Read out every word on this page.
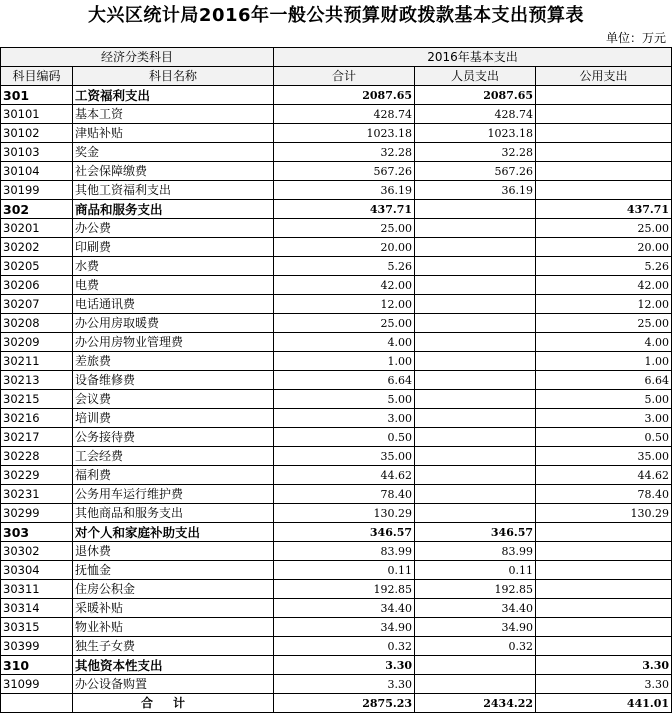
大兴区统计局2016年一般公共预算财政拨款基本支出预算表
单位：万元
经济分类科目		2016年基本支出		
科目编码	科目名称	合计	人员支出	公用支出
301	工资福利支出	2087.65	2087.65	
30101	基本工资	428.74	428.74	
30102	津贴补贴	1023.18	1023.18	
30103	奖金	32.28	32.28	
30104	社会保障缴费	567.26	567.26	
30199	其他工资福利支出	36.19	36.19	
302	商品和服务支出	437.71		437.71
30201	办公费	25.00		25.00
30202	印刷费	20.00		20.00
30205	水费	5.26		5.26
30206	电费	42.00		42.00
30207	电话通讯费	12.00		12.00
30208	办公用房取暖费	25.00		25.00
30209	办公用房物业管理费	4.00		4.00
30211	差旅费	1.00		1.00
30213	设备维修费	6.64		6.64
30215	会议费	5.00		5.00
30216	培训费	3.00		3.00
30217	公务接待费	0.50		0.50
30228	工会经费	35.00		35.00
30229	福利费	44.62		44.62
30231	公务用车运行维护费	78.40		78.40
30299	其他商品和服务支出	130.29		130.29
303	对个人和家庭补助支出	346.57	346.57	
30302	退休费	83.99	83.99	
30304	抚恤金	0.11	0.11	
30311	住房公积金	192.85	192.85	
30314	采暖补贴	34.40	34.40	
30315	物业补贴	34.90	34.90	
30399	独生子女费	0.32	0.32	
310	其他资本性支出	3.30		3.30
31099	办公设备购置	3.30		3.30
	合计	2875.23	2434.22	441.01
